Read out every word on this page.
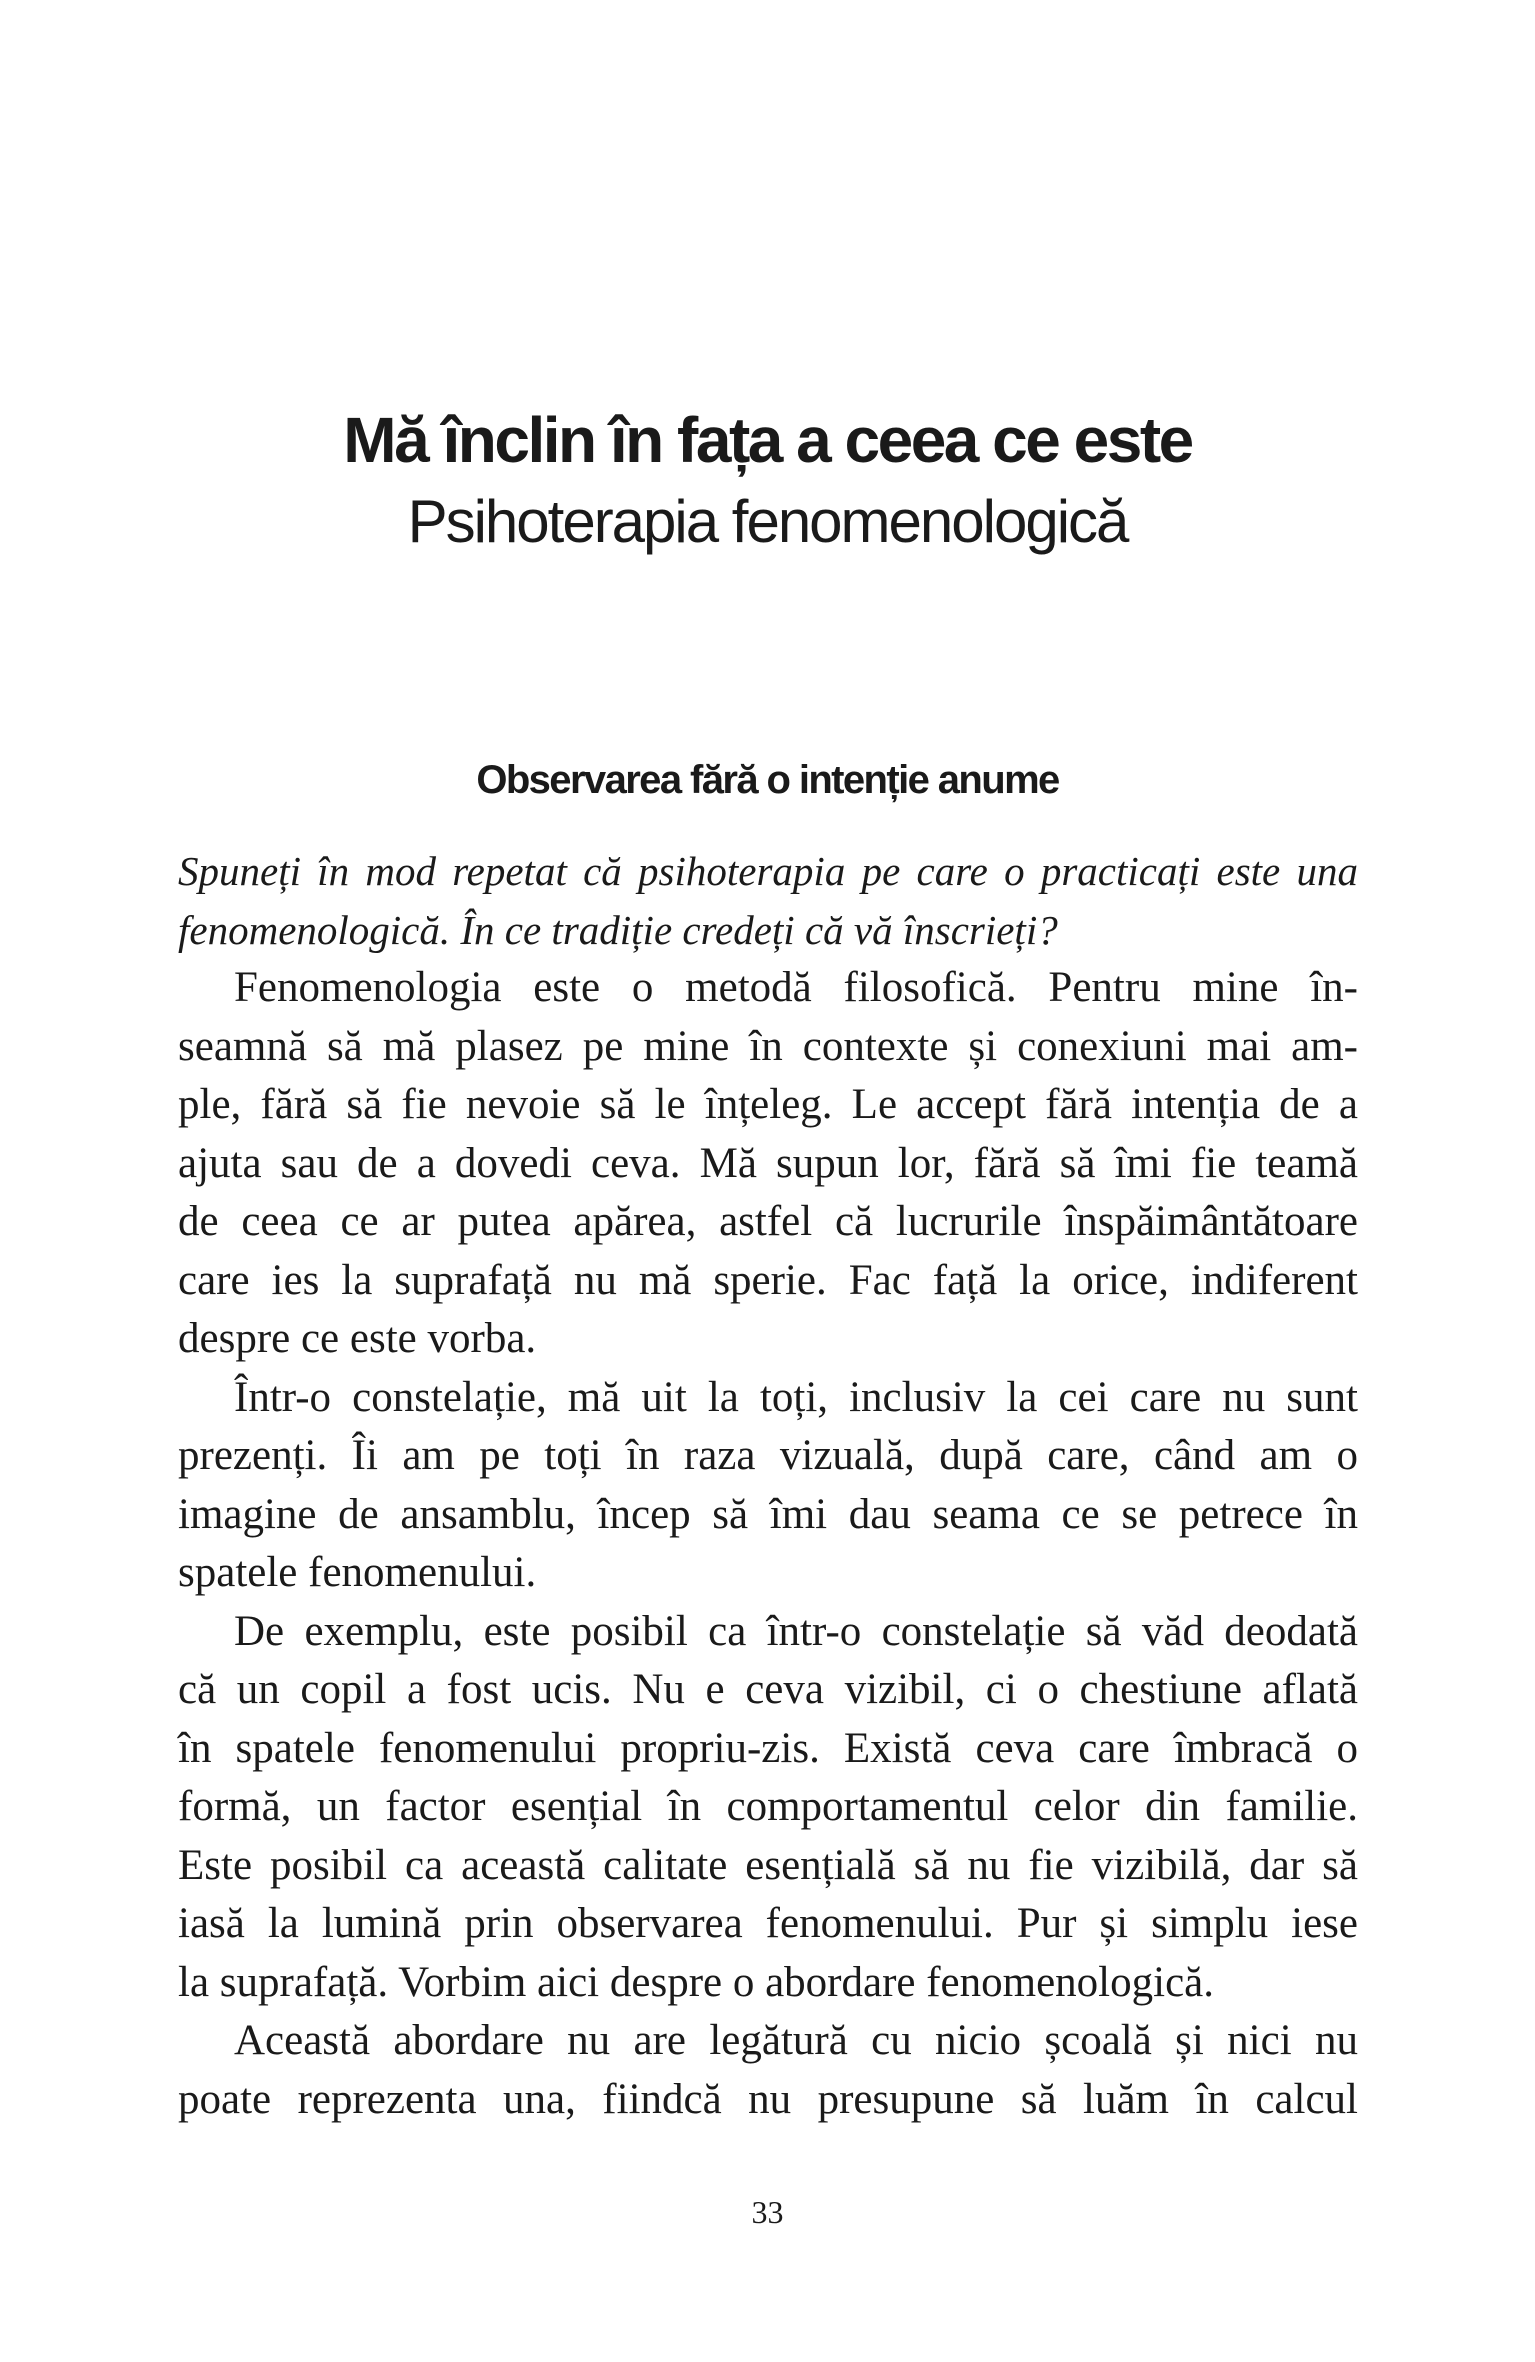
Mă înclin în fața a ceea ce este
Psihoterapia fenomenologică
Observarea fără o intenție anume
Spuneți în mod repetat că psihoterapia pe care o practicați este una
fenomenologică. În ce tradiție credeți că vă înscrieți?
Fenomenologia este o metodă filosofică. Pentru mine în-
seamnă să mă plasez pe mine în contexte și conexiuni mai am-
ple, fără să fie nevoie să le înțeleg. Le accept fără intenția de a
ajuta sau de a dovedi ceva. Mă supun lor, fără să îmi fie teamă
de ceea ce ar putea apărea, astfel că lucrurile înspăimântătoare
care ies la suprafață nu mă sperie. Fac față la orice, indiferent
despre ce este vorba.
Într-o constelație, mă uit la toți, inclusiv la cei care nu sunt
prezenți. Îi am pe toți în raza vizuală, după care, când am o
imagine de ansamblu, încep să îmi dau seama ce se petrece în
spatele fenomenului.
De exemplu, este posibil ca într-o constelație să văd deodată
că un copil a fost ucis. Nu e ceva vizibil, ci o chestiune aflată
în spatele fenomenului propriu-zis. Există ceva care îmbracă o
formă, un factor esențial în comportamentul celor din familie.
Este posibil ca această calitate esențială să nu fie vizibilă, dar să
iasă la lumină prin observarea fenomenului. Pur și simplu iese
la suprafață. Vorbim aici despre o abordare fenomenologică.
Această abordare nu are legătură cu nicio școală și nici nu
poate reprezenta una, fiindcă nu presupune să luăm în calcul
33
